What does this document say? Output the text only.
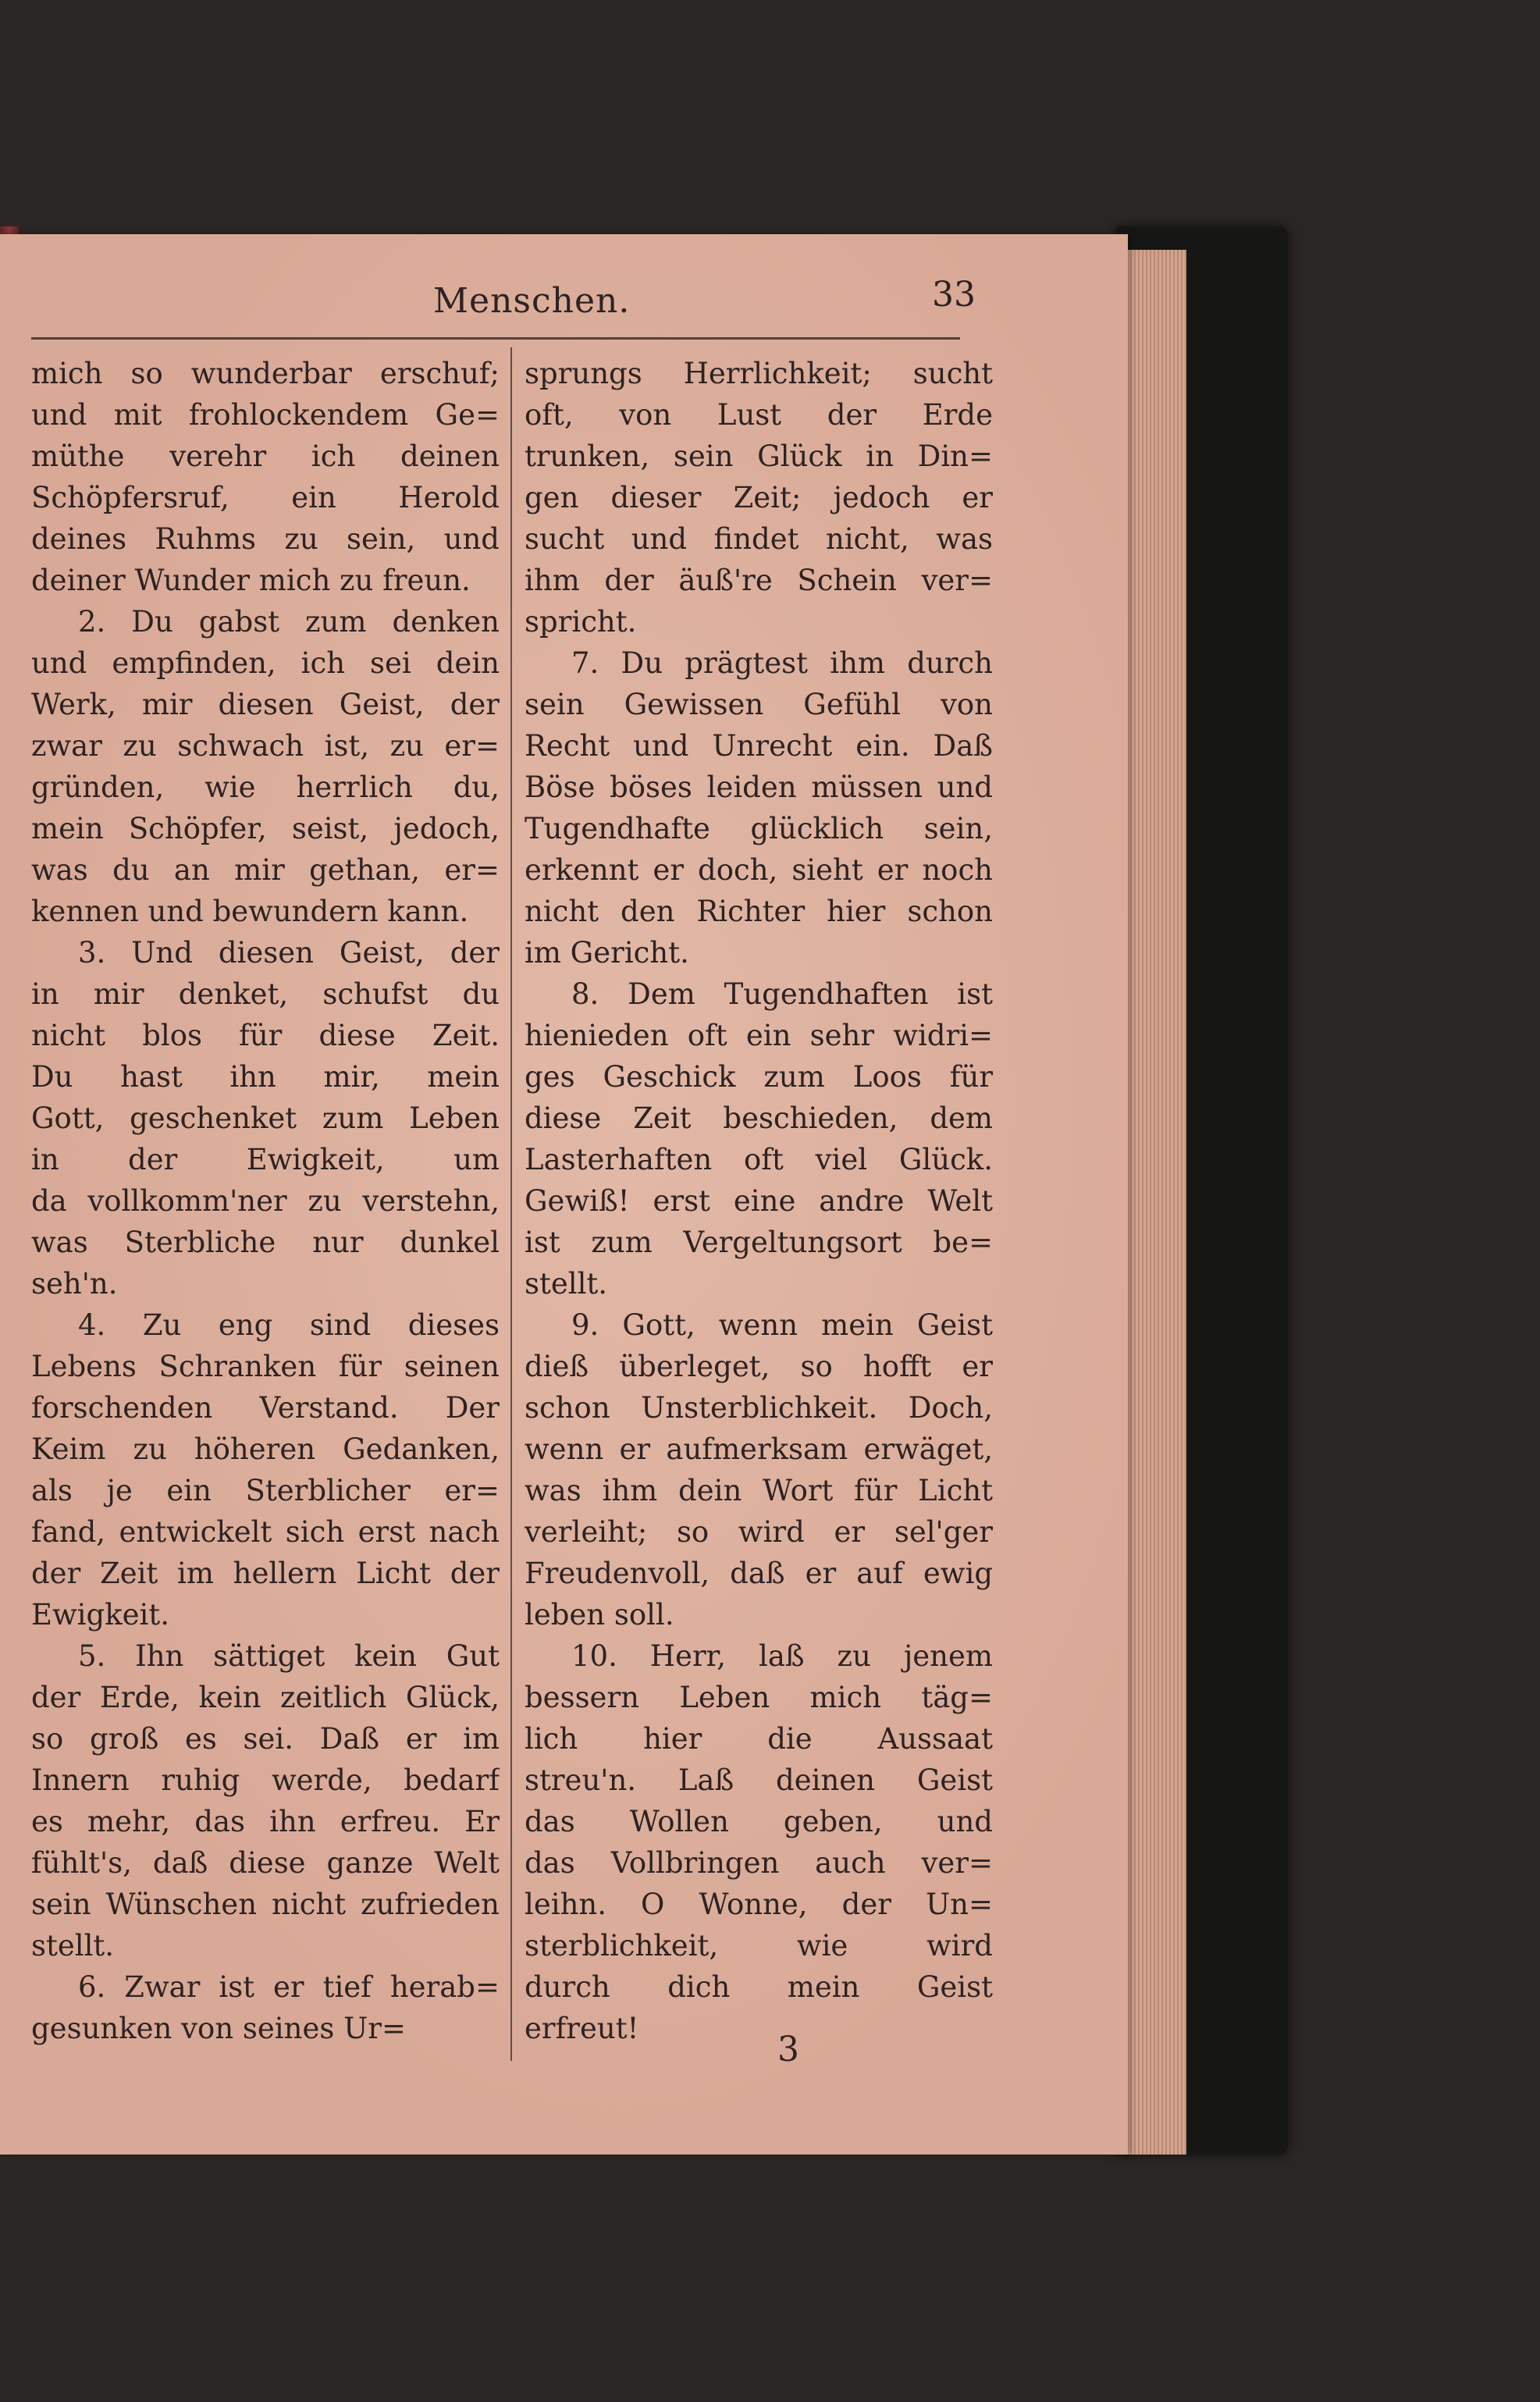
Menschen.	33
mich so wunderbar erschuf;
und mit frohlockendem Ge=
müthe verehr ich deinen
Schöpfersruf, ein Herold
deines Ruhms zu sein, und
deiner Wunder mich zu freun.
2. Du gabst zum denken
und empfinden, ich sei dein
Werk, mir diesen Geist, der
zwar zu schwach ist, zu er=
gründen, wie herrlich du,
mein Schöpfer, seist, jedoch,
was du an mir gethan, er=
kennen und bewundern kann.
3. Und diesen Geist, der
in mir denket, schufst du
nicht blos für diese Zeit.
Du hast ihn mir, mein
Gott, geschenket zum Leben
in der Ewigkeit, um
da vollkomm'ner zu verstehn,
was Sterbliche nur dunkel
seh'n.
4. Zu eng sind dieses
Lebens Schranken für seinen
forschenden Verstand. Der
Keim zu höheren Gedanken,
als je ein Sterblicher er=
fand, entwickelt sich erst nach
der Zeit im hellern Licht der
Ewigkeit.
5. Ihn sättiget kein Gut
der Erde, kein zeitlich Glück,
so groß es sei. Daß er im
Innern ruhig werde, bedarf
es mehr, das ihn erfreu. Er
fühlt's, daß diese ganze Welt
sein Wünschen nicht zufrieden
stellt.
6. Zwar ist er tief herab=
gesunken von seines Ur=
sprungs Herrlichkeit; sucht
oft, von Lust der Erde
trunken, sein Glück in Din=
gen dieser Zeit; jedoch er
sucht und findet nicht, was
ihm der äuß're Schein ver=
spricht.
7. Du prägtest ihm durch
sein Gewissen Gefühl von
Recht und Unrecht ein. Daß
Böse böses leiden müssen und
Tugendhafte glücklich sein,
erkennt er doch, sieht er noch
nicht den Richter hier schon
im Gericht.
8. Dem Tugendhaften ist
hienieden oft ein sehr widri=
ges Geschick zum Loos für
diese Zeit beschieden, dem
Lasterhaften oft viel Glück.
Gewiß! erst eine andre Welt
ist zum Vergeltungsort be=
stellt.
9. Gott, wenn mein Geist
dieß überleget, so hofft er
schon Unsterblichkeit. Doch,
wenn er aufmerksam erwäget,
was ihm dein Wort für Licht
verleiht; so wird er sel'ger
Freudenvoll, daß er auf ewig
leben soll.
10. Herr, laß zu jenem
bessern Leben mich täg=
lich hier die Aussaat
streu'n. Laß deinen Geist
das Wollen geben, und
das Vollbringen auch ver=
leihn. O Wonne, der Un=
sterblichkeit, wie wird
durch dich mein Geist
erfreut!
3
